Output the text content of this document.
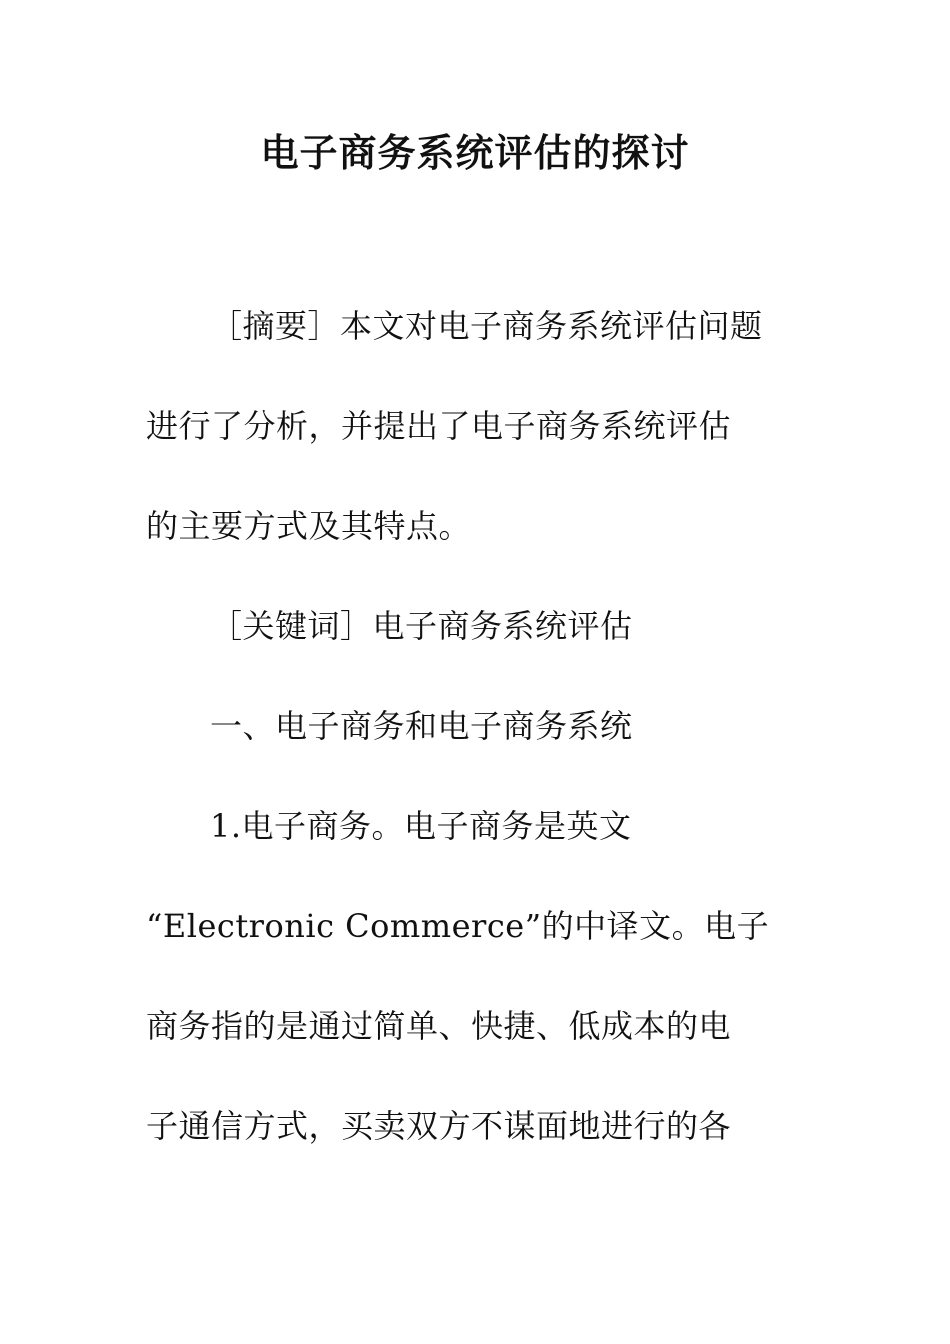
电子商务系统评估的探讨
［摘要］本文对电子商务系统评估问题
进行了分析，并提出了电子商务系统评估
的主要方式及其特点。
［关键词］电子商务系统评估
一、电子商务和电子商务系统
1.电子商务。电子商务是英文
“Electronic Commerce”的中译文。电子
商务指的是通过简单、快捷、低成本的电
子通信方式，买卖双方不谋面地进行的各
